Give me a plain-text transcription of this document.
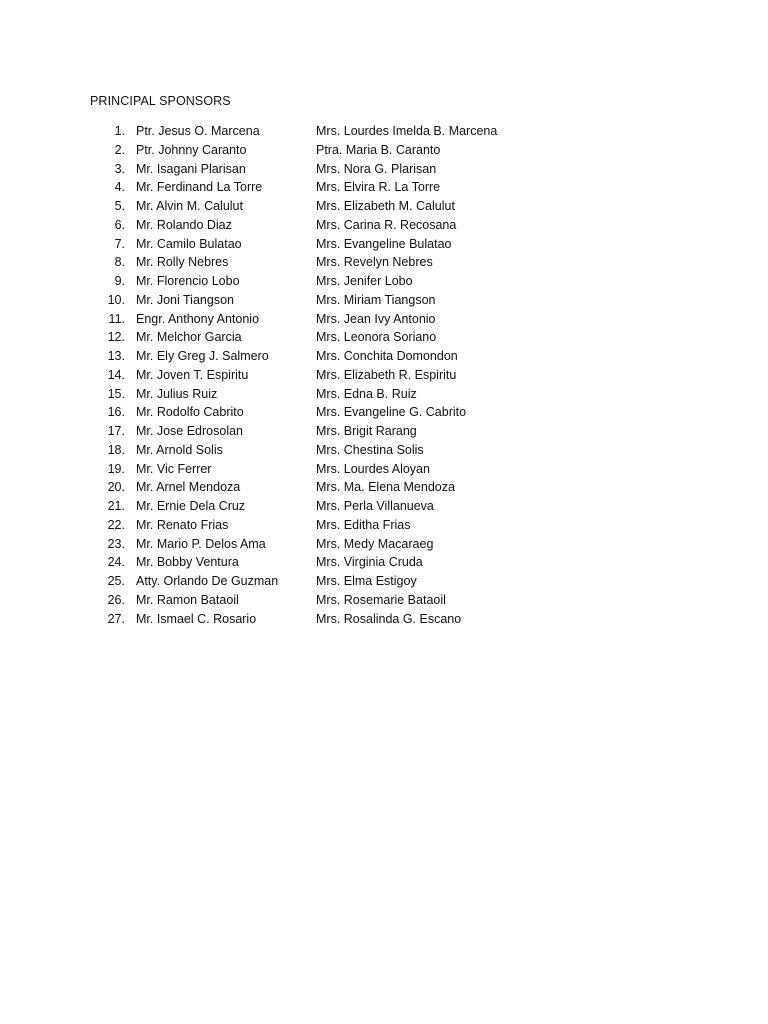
PRINCIPAL SPONSORS
1. Ptr. Jesus O. Marcena	Mrs. Lourdes Imelda B. Marcena
2. Ptr. Johnny Caranto	Ptra. Maria B. Caranto
3. Mr. Isagani Plarisan	Mrs. Nora G. Plarisan
4. Mr. Ferdinand La Torre	Mrs. Elvira R. La Torre
5. Mr. Alvin M. Calulut	Mrs. Elizabeth M. Calulut
6. Mr. Rolando Diaz	Mrs. Carina R. Recosana
7. Mr. Camilo Bulatao	Mrs. Evangeline Bulatao
8. Mr. Rolly Nebres	Mrs. Revelyn Nebres
9. Mr. Florencio Lobo	Mrs. Jenifer Lobo
10. Mr. Joni Tiangson	Mrs. Miriam Tiangson
11. Engr. Anthony Antonio	Mrs. Jean Ivy Antonio
12. Mr. Melchor Garcia	Mrs. Leonora Soriano
13. Mr. Ely Greg J. Salmero	Mrs. Conchita Domondon
14. Mr. Joven T. Espiritu	Mrs. Elizabeth R. Espiritu
15. Mr. Julius Ruiz	Mrs. Edna B. Ruiz
16. Mr. Rodolfo Cabrito	Mrs. Evangeline G. Cabrito
17. Mr. Jose Edrosolan	Mrs. Brigit Rarang
18. Mr. Arnold Solis	Mrs. Chestina Solis
19. Mr. Vic Ferrer	Mrs. Lourdes Aloyan
20. Mr. Arnel Mendoza	Mrs. Ma. Elena Mendoza
21. Mr. Ernie Dela Cruz	Mrs. Perla Villanueva
22. Mr. Renato Frias	Mrs. Editha Frias
23. Mr. Mario P. Delos Ama	Mrs. Medy Macaraeg
24. Mr. Bobby Ventura	Mrs. Virginia Cruda
25. Atty. Orlando De Guzman	Mrs. Elma Estigoy
26. Mr. Ramon Bataoil	Mrs. Rosemarie Bataoil
27. Mr. Ismael C. Rosario	Mrs. Rosalinda G. Escano
